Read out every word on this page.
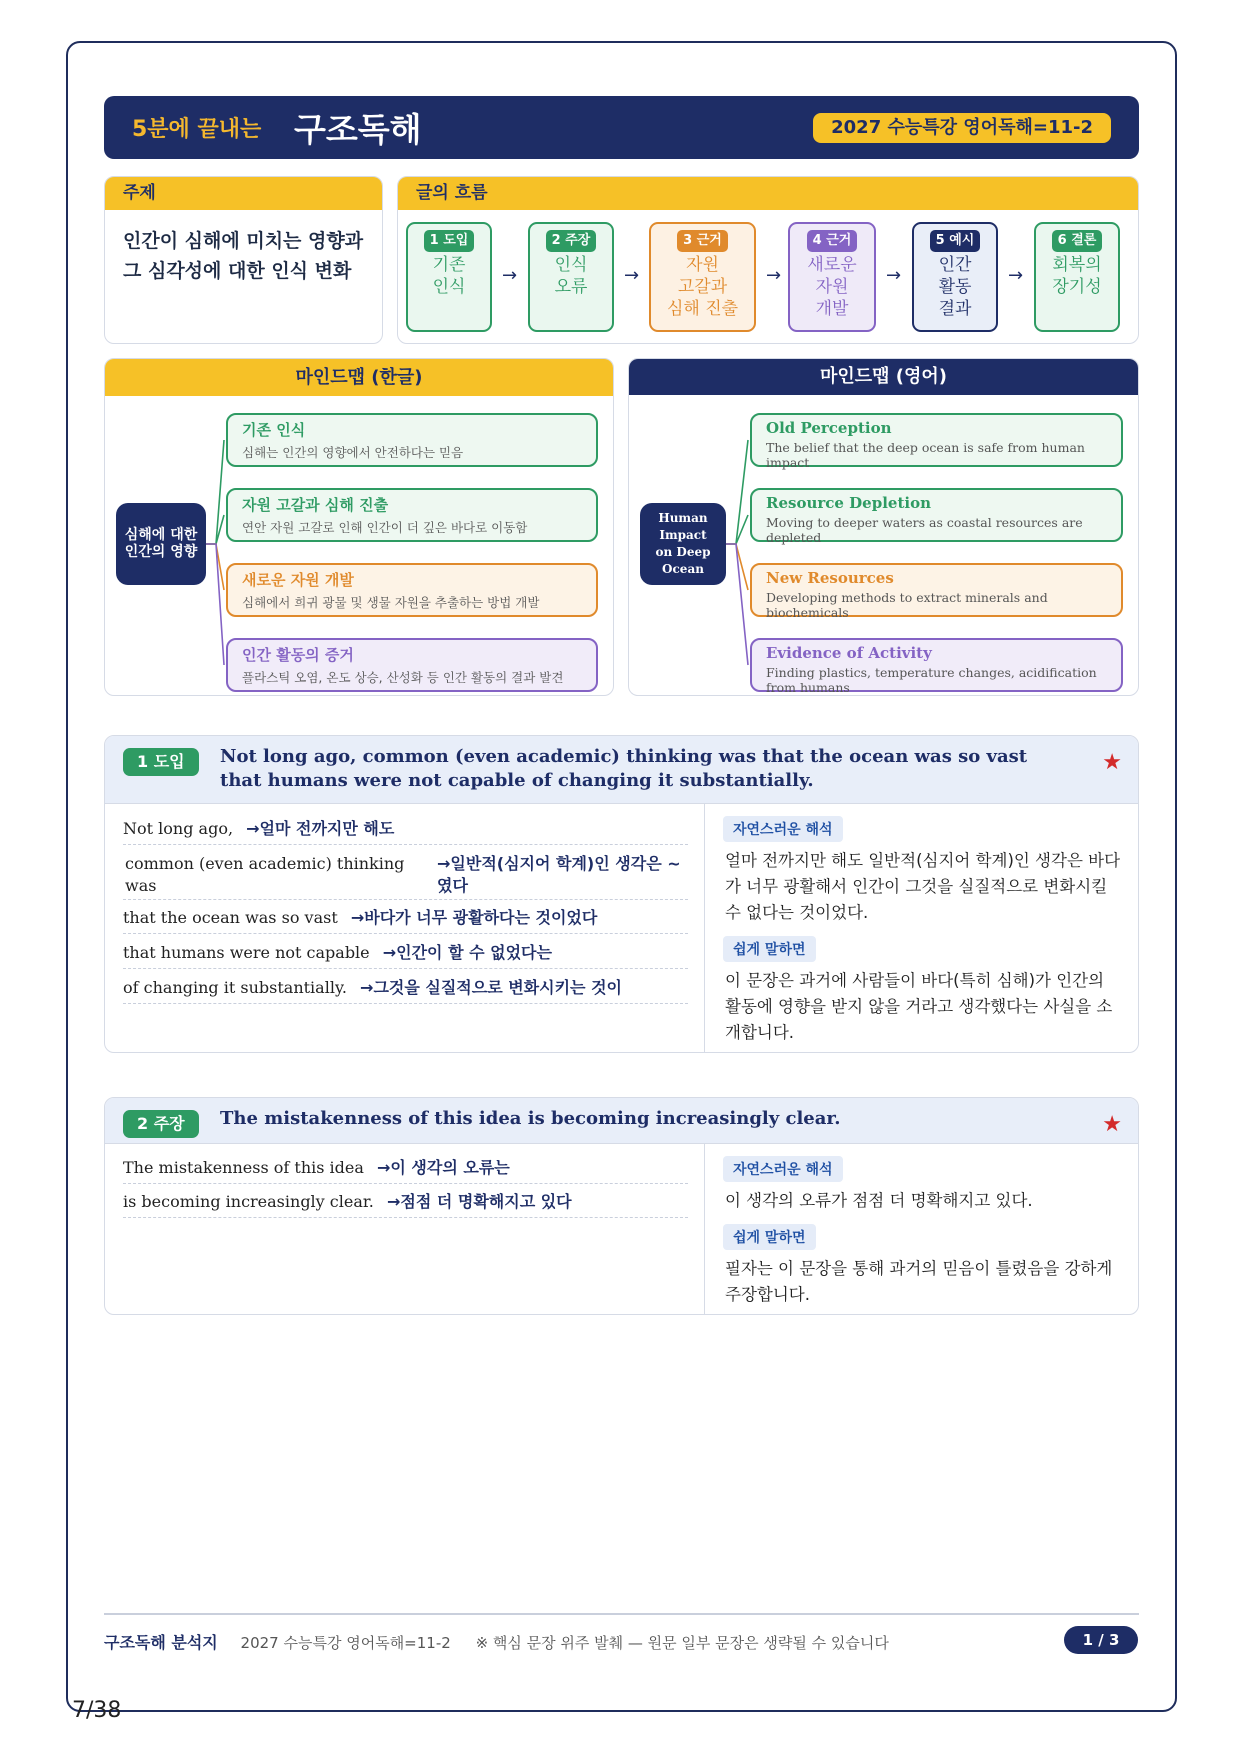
5분에 끝내는 구조독해	2027 수능특강 영어독해=11-2
주제
인간이 심해에 미치는 영향과 그 심각성에 대한 인식 변화
글의 흐름
1 도입
기존
인식
→
2 주장
인식
오류
→
3 근거
자원
고갈과
심해 진출
→
4 근거
새로운
자원
개발
→
5 예시
인간
활동
결과
→
6 결론
회복의
장기성
마인드맵 (한글)	마인드맵 (영어)
심해에 대한
인간의 영향
기존 인식
심해는 인간의 영향에서 안전하다는 믿음
자원 고갈과 심해 진출
연안 자원 고갈로 인해 인간이 더 깊은 바다로 이동함
새로운 자원 개발
심해에서 희귀 광물 및 생물 자원을 추출하는 방법 개발
인간 활동의 증거
플라스틱 오염, 온도 상승, 산성화 등 인간 활동의 결과 발견
Human Impact
on Deep
Ocean
Old Perception
The belief that the deep ocean is safe from human impact
Resource Depletion
Moving to deeper waters as coastal resources are depleted
New Resources
Developing methods to extract minerals and biochemicals
Evidence of Activity
Finding plastics, temperature changes, acidification from humans
1 도입	Not long ago, common (even academic) thinking was that the ocean was so vast that humans were not capable of changing it substantially.
★
Not long ago, →얼마 전까지만 해도
common (even academic) thinking was
→일반적(심지어 학계)인 생각은 ~였다
that the ocean was so vast →바다가 너무 광활하다는 것이었다
that humans were not capable →인간이 할 수 없었다는
of changing it substantially. →그것을 실질적으로 변화시키는 것이
자연스러운 해석
얼마 전까지만 해도 일반적(심지어 학계)인 생각은 바다가 너무 광활해서 인간이 그것을 실질적으로 변화시킬 수 없다는 것이었다.
쉽게 말하면
이 문장은 과거에 사람들이 바다(특히 심해)가 인간의 활동에 영향을 받지 않을 거라고 생각했다는 사실을 소개합니다.
2 주장	The mistakenness of this idea is becoming increasingly clear.	★
The mistakenness of this idea →이 생각의 오류는
is becoming increasingly clear. →점점 더 명확해지고 있다
자연스러운 해석
이 생각의 오류가 점점 더 명확해지고 있다.
쉽게 말하면
필자는 이 문장을 통해 과거의 믿음이 틀렸음을 강하게 주장합니다.
구조독해 분석지 2027 수능특강 영어독해=11-2 ※ 핵심 문장 위주 발췌 — 원문 일부 문장은 생략될 수 있습니다	1 / 3
7/38
